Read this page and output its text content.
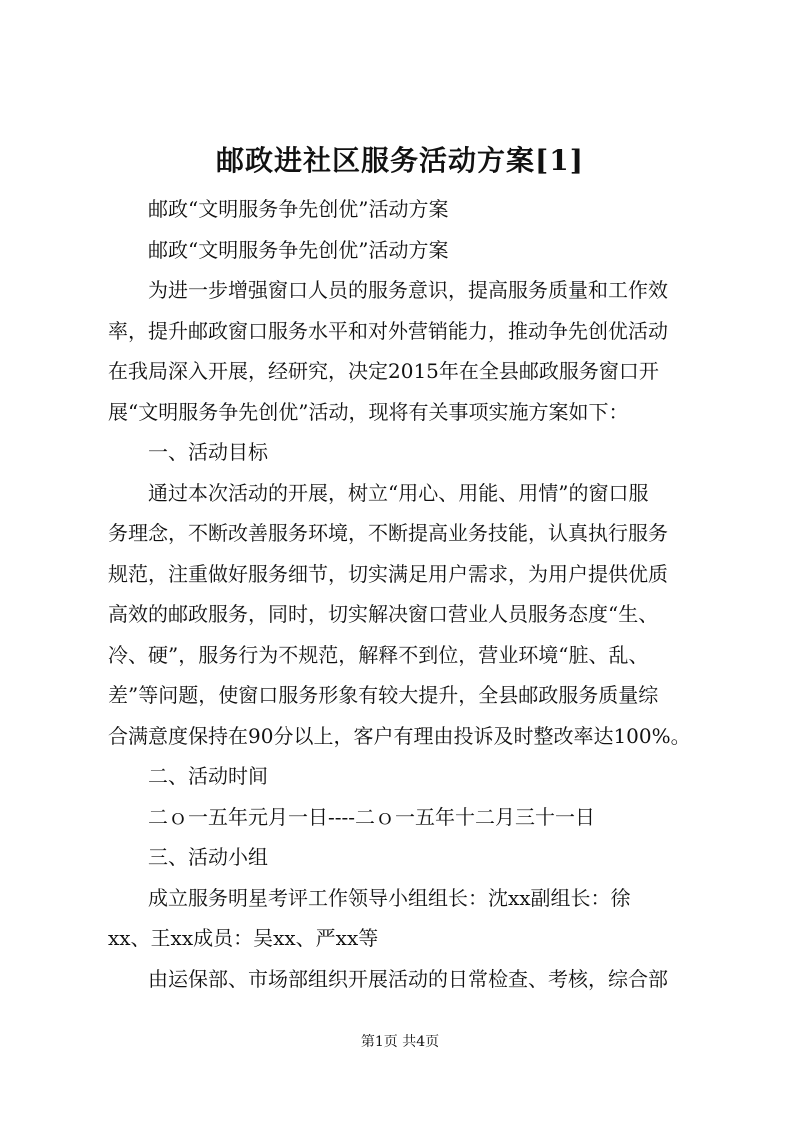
邮政进社区服务活动方案[1]
邮政“文明服务争先创优”活动方案
邮政“文明服务争先创优”活动方案
为进一步增强窗口人员的服务意识，提高服务质量和工作效
率，提升邮政窗口服务水平和对外营销能力，推动争先创优活动
在我局深入开展，经研究，决定2015年在全县邮政服务窗口开
展“文明服务争先创优”活动，现将有关事项实施方案如下：
一、活动目标
通过本次活动的开展，树立“用心、用能、用情”的窗口服
务理念，不断改善服务环境，不断提高业务技能，认真执行服务
规范，注重做好服务细节，切实满足用户需求，为用户提供优质
高效的邮政服务，同时，切实解决窗口营业人员服务态度“生、
冷、硬”，服务行为不规范，解释不到位，营业环境“脏、乱、
差”等问题，使窗口服务形象有较大提升，全县邮政服务质量综
合满意度保持在90分以上，客户有理由投诉及时整改率达100%。
二、活动时间
二ｏ一五年元月一日----二ｏ一五年十二月三十一日
三、活动小组
成立服务明星考评工作领导小组组长：沈xx副组长：徐
xx、王xx成员：吴xx、严xx等
由运保部、市场部组织开展活动的日常检查、考核，综合部
第1页 共4页
